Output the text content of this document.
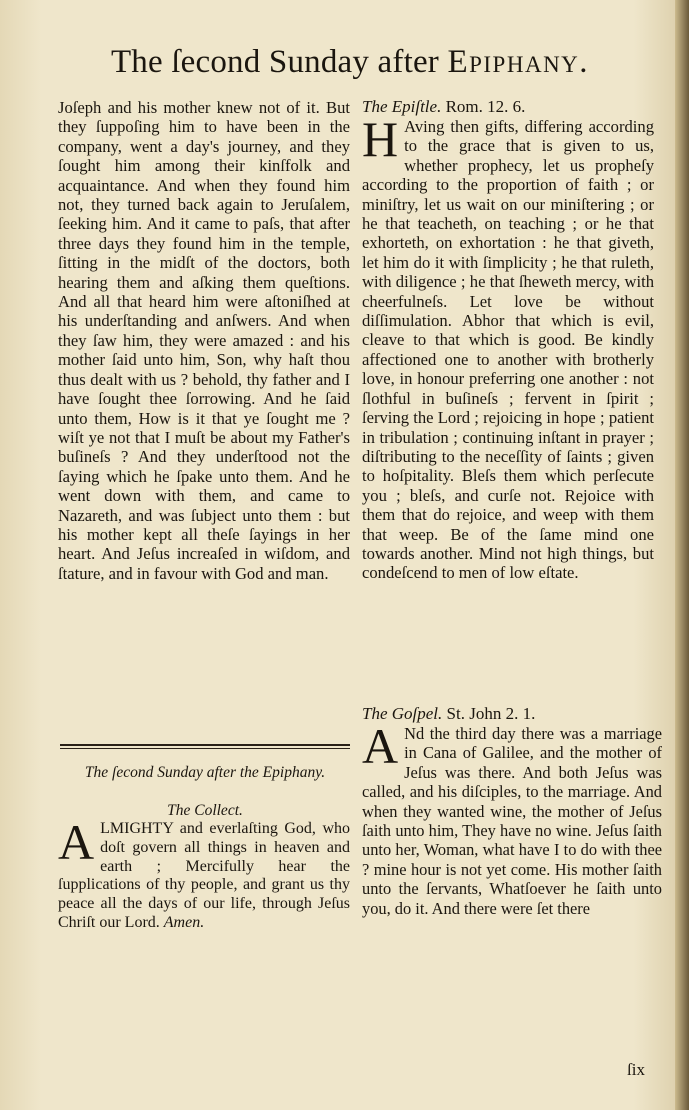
The ſecond Sunday after Epiphany.

Joſeph and his mother knew not of it. But they ſuppoſing him to have been in the company, went a day's journey, and they ſought him among their kinſfolk and acquaintance. And when they found him not, they turned back again to Jeruſalem, ſeeking him. And it came to paſs, that after three days they found him in the temple, ſitting in the midſt of the doctors, both hearing them and aſking them queſtions. And all that heard him were aſtoniſhed at his underſtanding and anſwers. And when they ſaw him, they were amazed : and his mother ſaid unto him, Son, why haſt thou thus dealt with us ? behold, thy father and I have ſought thee ſorrowing. And he ſaid unto them, How is it that ye ſought me ? wiſt ye not that I muſt be about my Father's buſineſs ? And they underſtood not the ſaying which he ſpake unto them. And he went down with them, and came to Nazareth, and was ſubject unto them : but his mother kept all theſe ſayings in her heart. And Jeſus increaſed in wiſdom, and ſtature, and in favour with God and man.

The ſecond Sunday after the Epiphany.
The Collect.
ALMIGHTY and everlaſting God, who doſt govern all things in heaven and earth ; Mercifully hear the ſupplications of thy people, and grant us thy peace all the days of our life, through Jeſus Chriſt our Lord. Amen.

The Epiſtle. Rom. 12. 6.

H Aving then gifts, differing according to the grace that is given to us, whether prophecy, let us propheſy according to the proportion of faith ; or miniſtry, let us wait on our miniſtering ; or he that teacheth, on teaching ; or he that exhorteth, on exhortation : he that giveth, let him do it with ſimplicity ; he that ruleth, with diligence ; he that ſheweth mercy, with cheerfulneſs. Let love be without diſſimulation. Abhor that which is evil, cleave to that which is good. Be kindly affectioned one to another with brotherly love, in honour preferring one another : not ſlothful in buſineſs ; fervent in ſpirit ; ſerving the Lord ; rejoicing in hope ; patient in tribulation ; continuing inſtant in prayer ; diſtributing to the neceſſity of ſaints ; given to hoſpitality. Bleſs them which perſecute you ; bleſs, and curſe not. Rejoice with them that do rejoice, and weep with them that weep. Be of the ſame mind one towards another. Mind not high things, but condeſcend to men of low eſtate.

The Goſpel. St. John 2. 1.

A Nd the third day there was a marriage in Cana of Galilee, and the mother of Jeſus was there. And both Jeſus was called, and his diſciples, to the marriage. And when they wanted wine, the mother of Jeſus ſaith unto him, They have no wine. Jeſus ſaith unto her, Woman, what have I to do with thee ? mine hour is not yet come. His mother ſaith unto the ſervants, Whatſoever he ſaith unto you, do it. And there were ſet there

ſix
